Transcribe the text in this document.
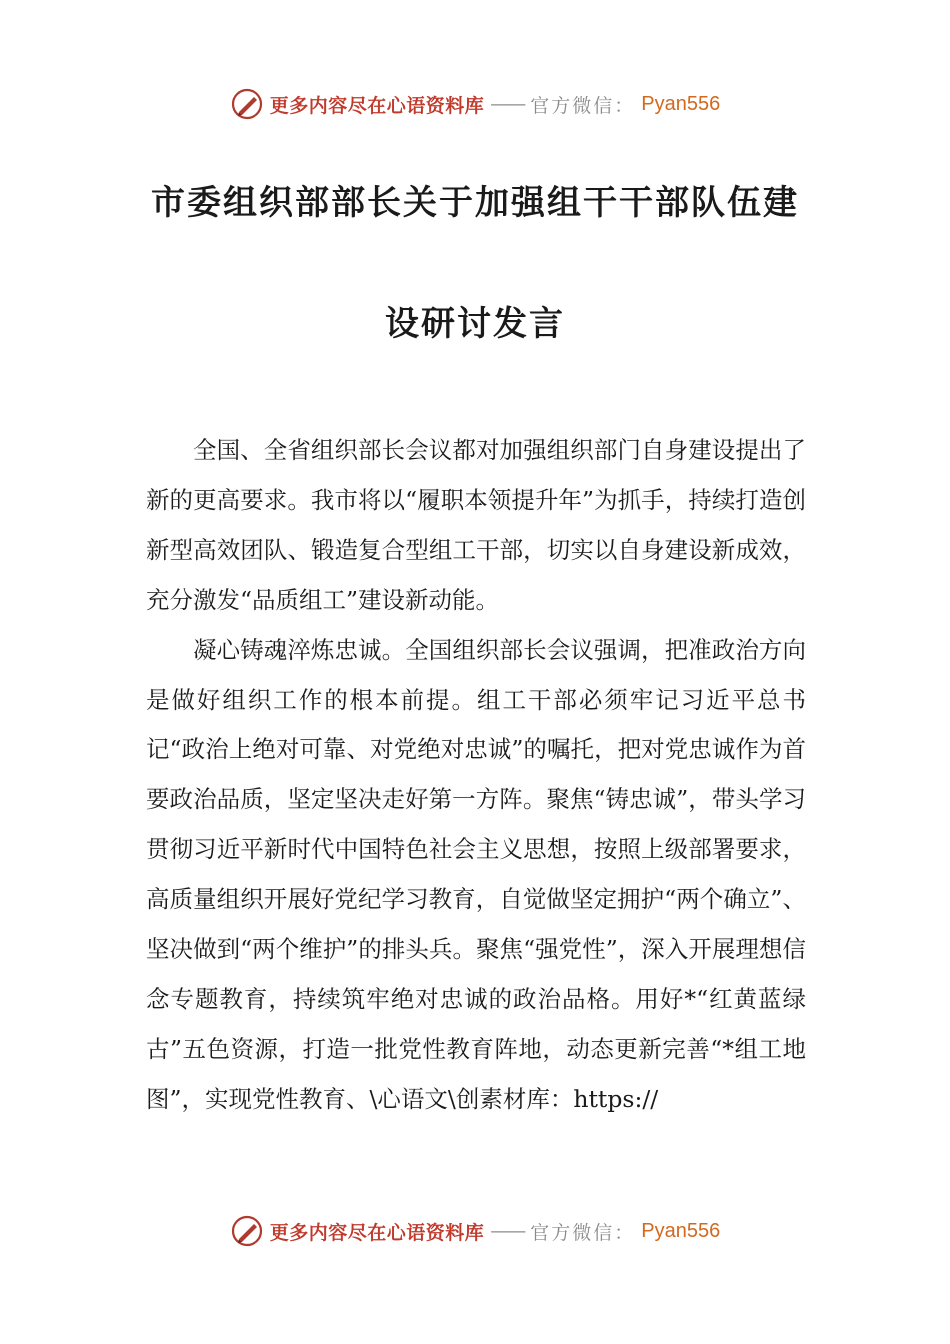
更多内容尽在心语资料库 —— 官方微信： Pyan556
市委组织部部长关于加强组干干部队伍建
设研讨发言

全国、全省组织部长会议都对加强组织部门自身建设提出了新的更高要求。我市将以“履职本领提升年”为抓手，持续打造创新型高效团队、锻造复合型组工干部，切实以自身建设新成效，充分激发“品质组工”建设新动能。

凝心铸魂淬炼忠诚。全国组织部长会议强调，把准政治方向是做好组织工作的根本前提。组工干部必须牢记习近平总书记“政治上绝对可靠、对党绝对忠诚”的嘱托，把对党忠诚作为首要政治品质，坚定坚决走好第一方阵。聚焦“铸忠诚”，带头学习贯彻习近平新时代中国特色社会主义思想，按照上级部署要求，高质量组织开展好党纪学习教育，自觉做坚定拥护“两个确立”、坚决做到“两个维护”的排头兵。聚焦“强党性”，深入开展理想信念专题教育，持续筑牢绝对忠诚的政治品格。用好*“红黄蓝绿古”五色资源，打造一批党性教育阵地，动态更新完善“*组工地图”，实现党性教育、\心语文\创素材库：https://

更多内容尽在心语资料库 —— 官方微信： Pyan556
